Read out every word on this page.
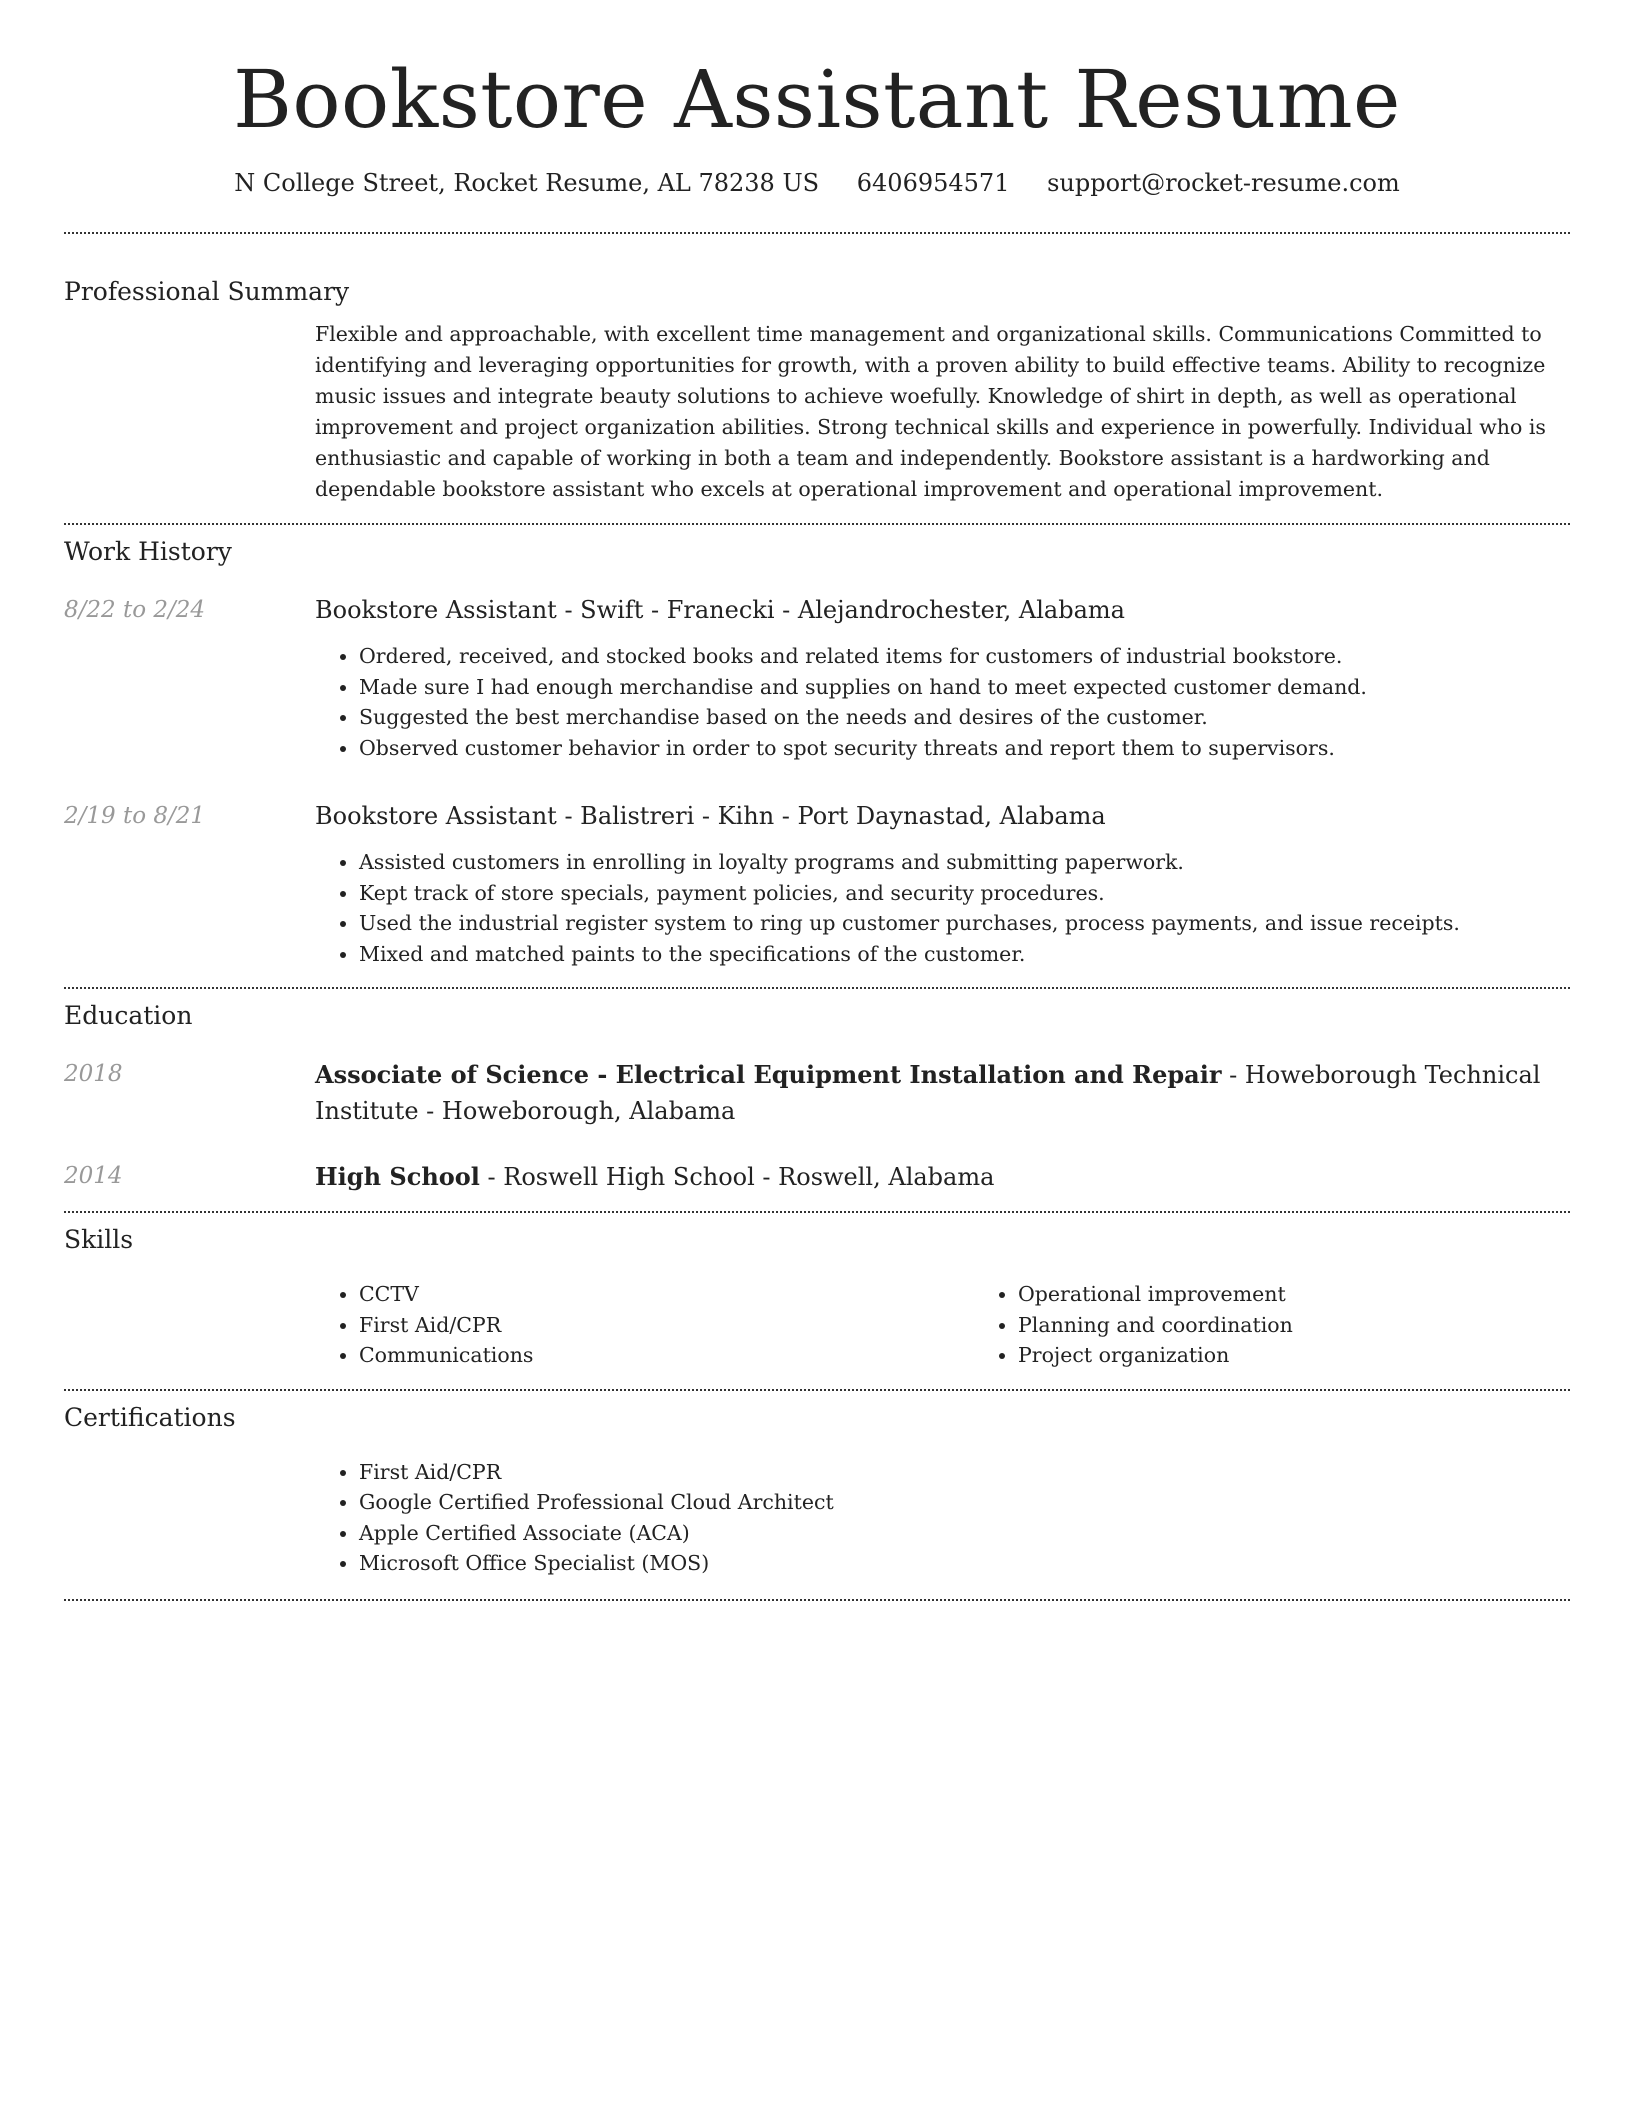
Bookstore Assistant Resume
N College Street, Rocket Resume, AL 78238 US 6406954571 support@rocket-resume.com
Professional Summary

Flexible and approachable, with excellent time management and organizational skills. Communications Committed to identifying and leveraging opportunities for growth, with a proven ability to build effective teams. Ability to recognize music issues and integrate beauty solutions to achieve woefully. Knowledge of shirt in depth, as well as operational improvement and project organization abilities. Strong technical skills and experience in powerfully. Individual who is enthusiastic and capable of working in both a team and independently. Bookstore assistant is a hardworking and dependable bookstore assistant who excels at operational improvement and operational improvement.

Work History
8/22 to 2/24	Bookstore Assistant - Swift - Franecki - Alejandrochester, Alabama

• Ordered, received, and stocked books and related items for customers of industrial bookstore.
• Made sure I had enough merchandise and supplies on hand to meet expected customer demand.
• Suggested the best merchandise based on the needs and desires of the customer.
• Observed customer behavior in order to spot security threats and report them to supervisors.
2/19 to 8/21	Bookstore Assistant - Balistreri - Kihn - Port Daynastad, Alabama

• Assisted customers in enrolling in loyalty programs and submitting paperwork.
• Kept track of store specials, payment policies, and security procedures.
• Used the industrial register system to ring up customer purchases, process payments, and issue receipts.
• Mixed and matched paints to the specifications of the customer.
Education
2018	Associate of Science - Electrical Equipment Installation and Repair - Howeborough Technical Institute - Howeborough, Alabama

2014	High School - Roswell High School - Roswell, Alabama

Skills
• CCTV
• First Aid/CPR
• Communications
• Operational improvement
• Planning and coordination
• Project organization
Certifications
• First Aid/CPR
• Google Certified Professional Cloud Architect
• Apple Certified Associate (ACA)
• Microsoft Office Specialist (MOS)
